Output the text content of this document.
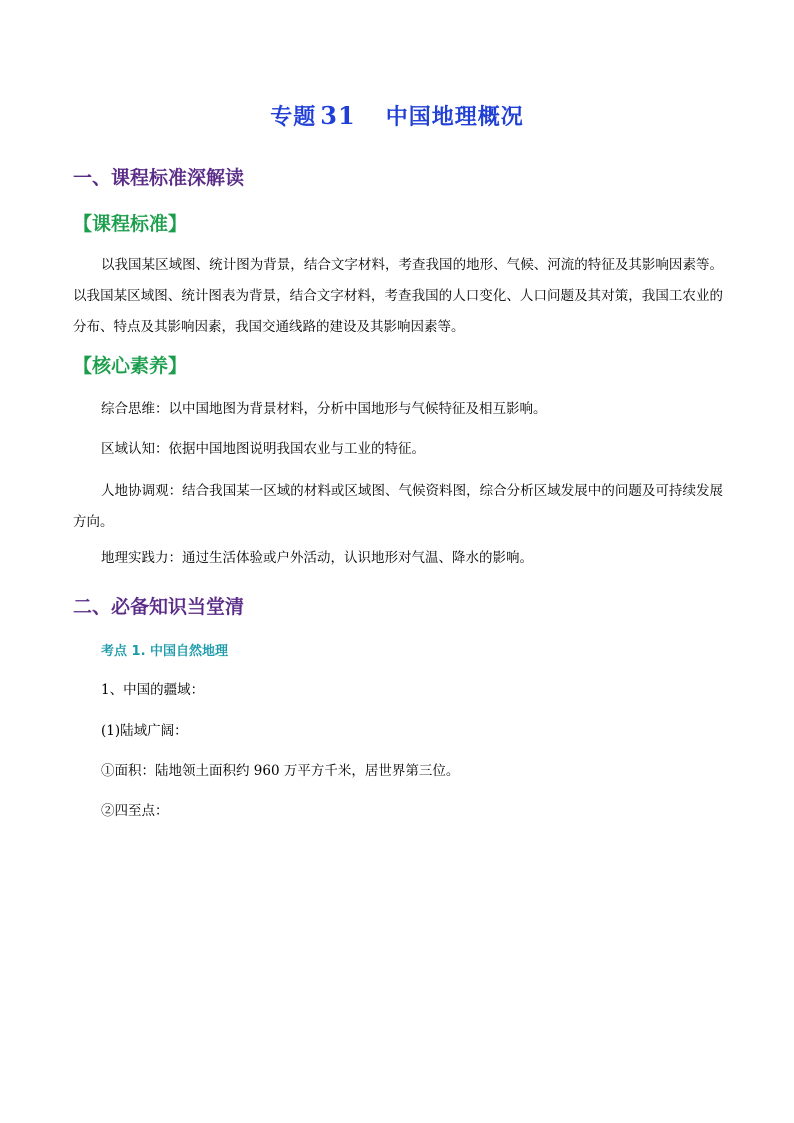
专题 31 中国地理概况
一、课程标准深解读
【课程标准】
以我国某区域图、统计图为背景，结合文字材料，考查我国的地形、气候、河流的特征及其影响因素等。以我国某区域图、统计图表为背景，结合文字材料，考查我国的人口变化、人口问题及其对策，我国工农业的分布、特点及其影响因素，我国交通线路的建设及其影响因素等。
【核心素养】
综合思维：以中国地图为背景材料，分析中国地形与气候特征及相互影响。
区域认知：依据中国地图说明我国农业与工业的特征。
人地协调观：结合我国某一区域的材料或区域图、气候资料图，综合分析区域发展中的问题及可持续发展方向。
地理实践力：通过生活体验或户外活动，认识地形对气温、降水的影响。
二、必备知识当堂清
考点 1. 中国自然地理
1、中国的疆域：
(1)陆域广阔：
①面积：陆地领土面积约 960 万平方千米，居世界第三位。
②四至点：
